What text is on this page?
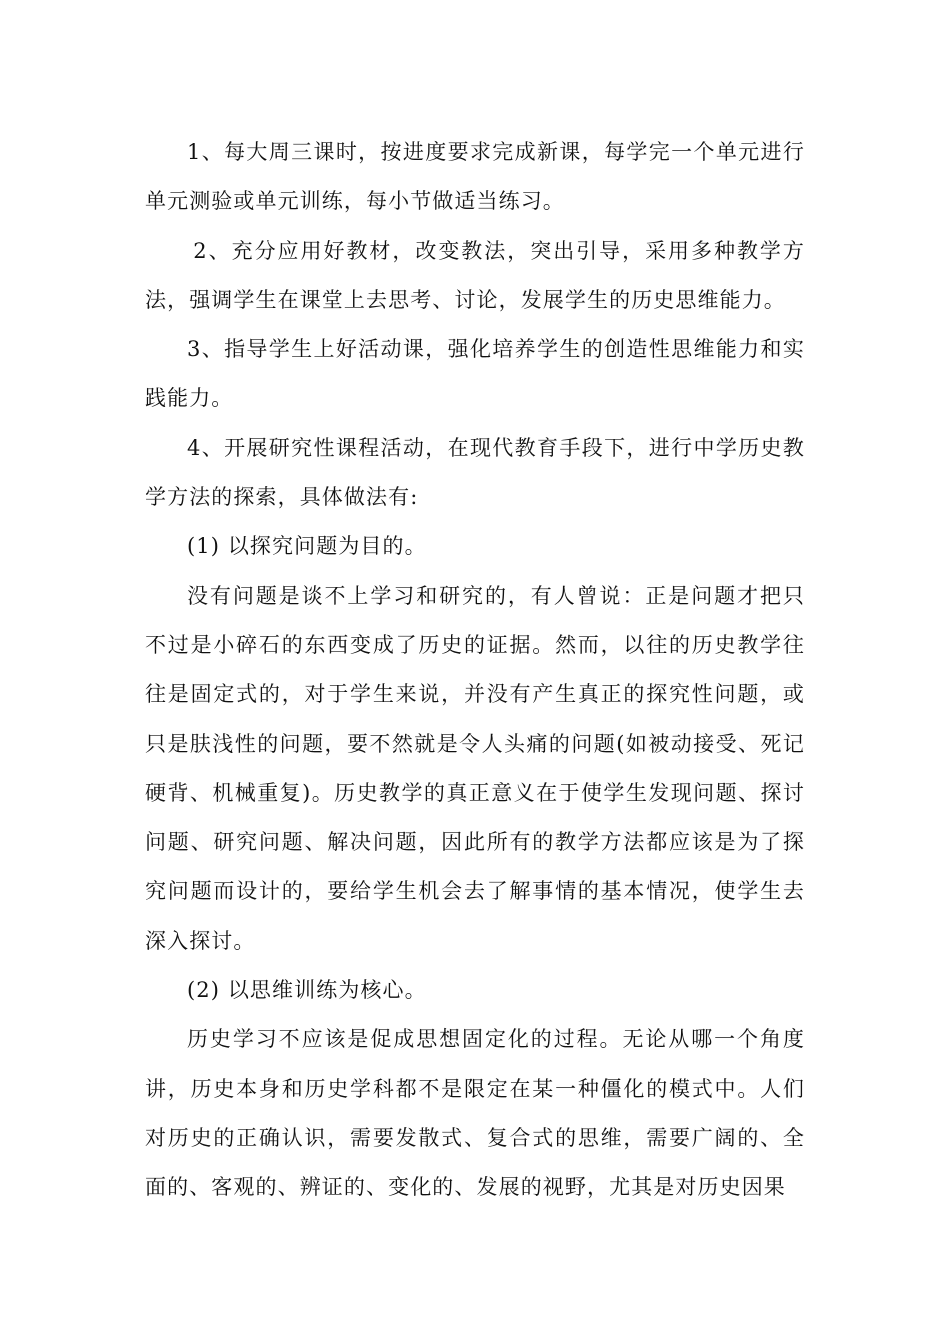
1、每大周三课时，按进度要求完成新课，每学完一个单元进行单元测验或单元训练，每小节做适当练习。

2、充分应用好教材，改变教法，突出引导，采用多种教学方法，强调学生在课堂上去思考、讨论，发展学生的历史思维能力。

3、指导学生上好活动课，强化培养学生的创造性思维能力和实践能力。

4、开展研究性课程活动，在现代教育手段下，进行中学历史教学方法的探索，具体做法有:

(1) 以探究问题为目的。

没有问题是谈不上学习和研究的，有人曾说：正是问题才把只不过是小碎石的东西变成了历史的证据。然而，以往的历史教学往往是固定式的，对于学生来说，并没有产生真正的探究性问题，或只是肤浅性的问题，要不然就是令人头痛的问题(如被动接受、死记硬背、机械重复)。历史教学的真正意义在于使学生发现问题、探讨问题、研究问题、解决问题，因此所有的教学方法都应该是为了探究问题而设计的，要给学生机会去了解事情的基本情况，使学生去深入探讨。

(2) 以思维训练为核心。

历史学习不应该是促成思想固定化的过程。无论从哪一个角度讲，历史本身和历史学科都不是限定在某一种僵化的模式中。人们对历史的正确认识，需要发散式、复合式的思维，需要广阔的、全面的、客观的、辨证的、变化的、发展的视野，尤其是对历史因果
